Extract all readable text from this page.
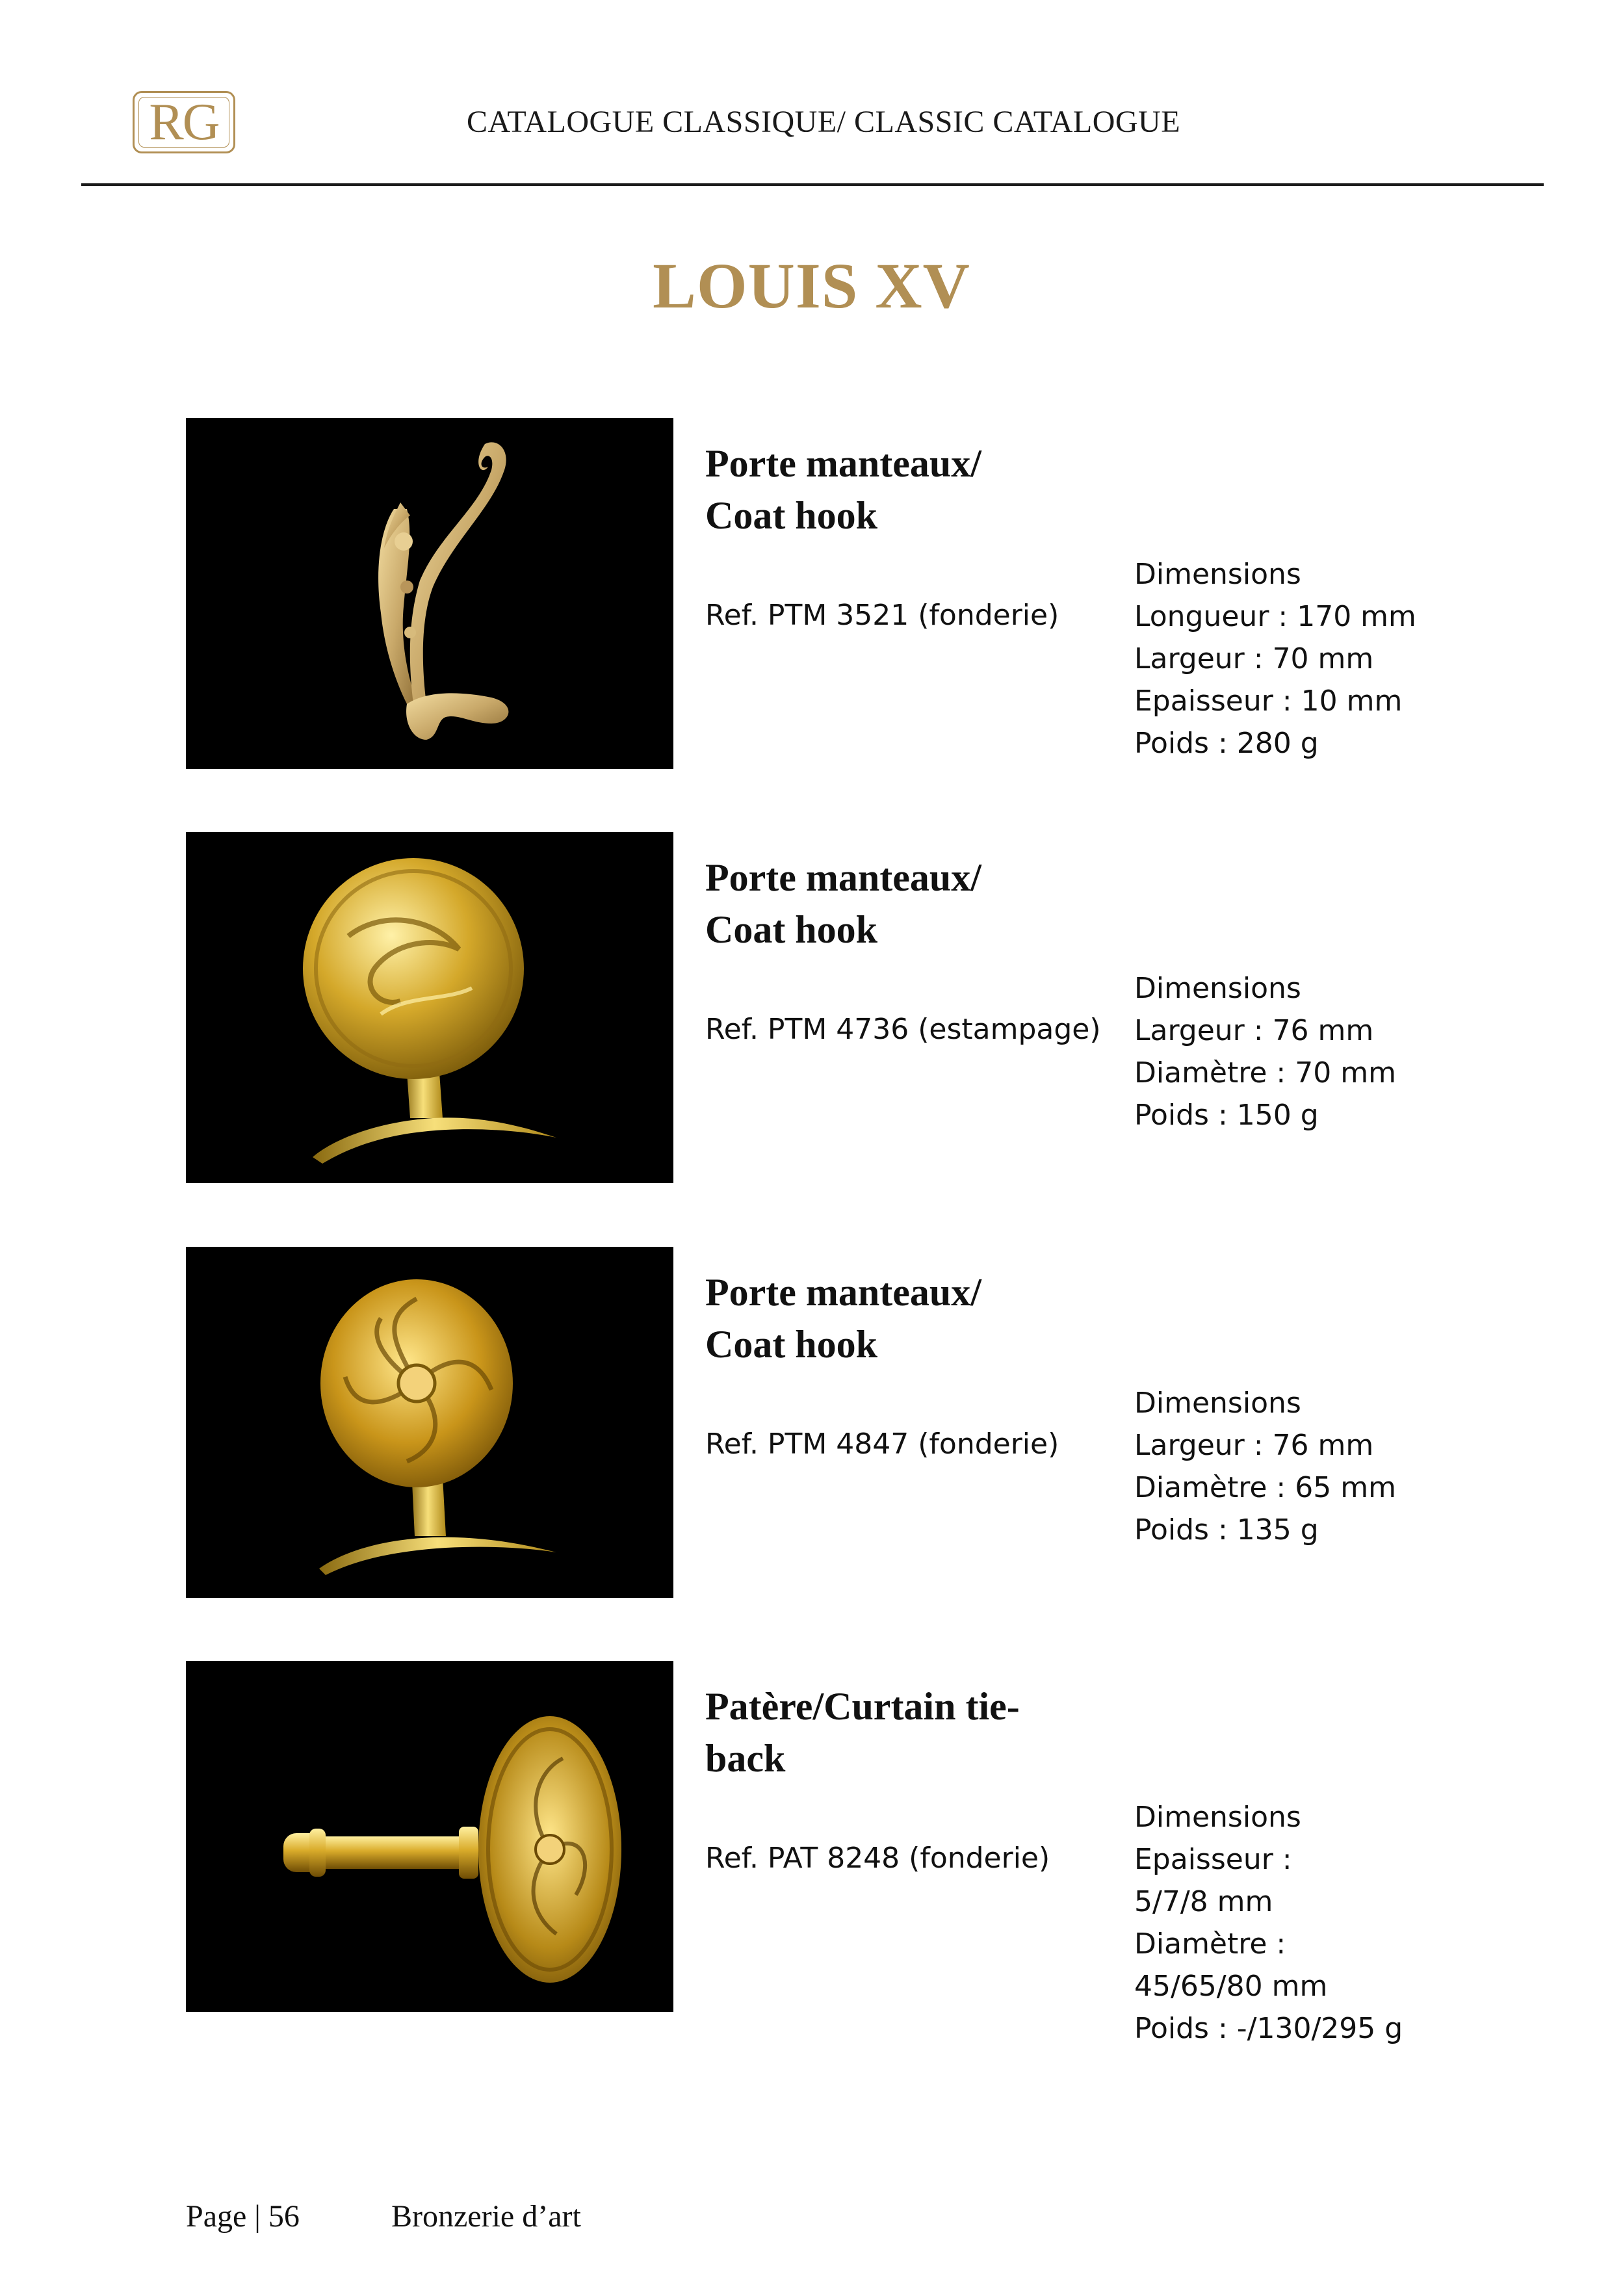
RG	CATALOGUE CLASSIQUE/ CLASSIC CATALOGUE
LOUIS XV
Porte manteaux/
Coat hook
Ref. PTM 3521 (fonderie)
Dimensions
Longueur : 170 mm
Largeur : 70 mm
Epaisseur : 10 mm
Poids : 280 g
Porte manteaux/
Coat hook
Ref. PTM 4736 (estampage)
Dimensions
Largeur : 76 mm
Diamètre : 70 mm
Poids : 150 g
Porte manteaux/
Coat hook
Ref. PTM 4847 (fonderie)
Dimensions
Largeur : 76 mm
Diamètre : 65 mm
Poids : 135 g
Patère/Curtain tie-
back
Ref. PAT 8248 (fonderie)
Dimensions
Epaisseur :
5/7/8 mm
Diamètre :
45/65/80 mm
Poids : -/130/295 g
Page | 56	Bronzerie d’art
